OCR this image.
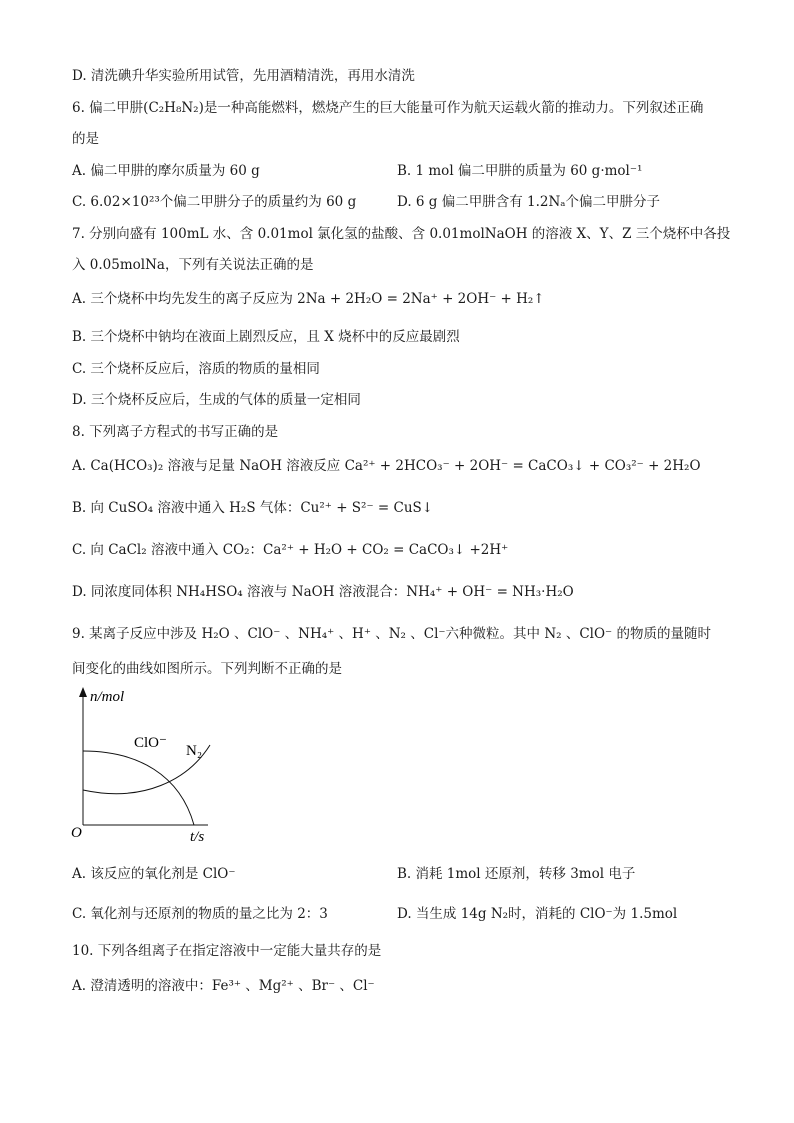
D. 清洗碘升华实验所用试管，先用酒精清洗，再用水清洗
6. 偏二甲肼(C₂H₈N₂)是一种高能燃料，燃烧产生的巨大能量可作为航天运载火箭的推动力。下列叙述正确
的是
A. 偏二甲肼的摩尔质量为 60 g	B. 1 mol 偏二甲肼的质量为 60 g·mol⁻¹
C. 6.02×10²³个偏二甲肼分子的质量约为 60 g	D. 6 g 偏二甲肼含有 1.2Nₐ个偏二甲肼分子
7. 分别向盛有 100mL 水、含 0.01mol 氯化氢的盐酸、含 0.01molNaOH 的溶液 X、Y、Z 三个烧杯中各投
入 0.05molNa，下列有关说法正确的是
A. 三个烧杯中均先发生的离子反应为 2Na + 2H₂O = 2Na⁺ + 2OH⁻ + H₂↑
B. 三个烧杯中钠均在液面上剧烈反应，且 X 烧杯中的反应最剧烈
C. 三个烧杯反应后，溶质的物质的量相同
D. 三个烧杯反应后，生成的气体的质量一定相同
8. 下列离子方程式的书写正确的是
A. Ca(HCO₃)₂ 溶液与足量 NaOH 溶液反应 Ca²⁺ + 2HCO₃⁻ + 2OH⁻ = CaCO₃↓ + CO₃²⁻ + 2H₂O
B. 向 CuSO₄ 溶液中通入 H₂S 气体：Cu²⁺ + S²⁻ = CuS↓
C. 向 CaCl₂ 溶液中通入 CO₂：Ca²⁺ + H₂O + CO₂ = CaCO₃↓ +2H⁺
D. 同浓度同体积 NH₄HSO₄ 溶液与 NaOH 溶液混合：NH₄⁺ + OH⁻ = NH₃·H₂O
9. 某离子反应中涉及 H₂O 、ClO⁻ 、NH₄⁺ 、H⁺ 、N₂ 、Cl⁻六种微粒。其中 N₂ 、ClO⁻ 的物质的量随时
间变化的曲线如图所示。下列判断不正确的是
n/mol
ClO⁻ N₂
O	t/s
A. 该反应的氧化剂是 ClO⁻	B. 消耗 1mol 还原剂，转移 3mol 电子
C. 氧化剂与还原剂的物质的量之比为 2：3	D. 当生成 14g N₂时，消耗的 ClO⁻为 1.5mol
10. 下列各组离子在指定溶液中一定能大量共存的是
A. 澄清透明的溶液中：Fe³⁺ 、Mg²⁺ 、Br⁻ 、Cl⁻
